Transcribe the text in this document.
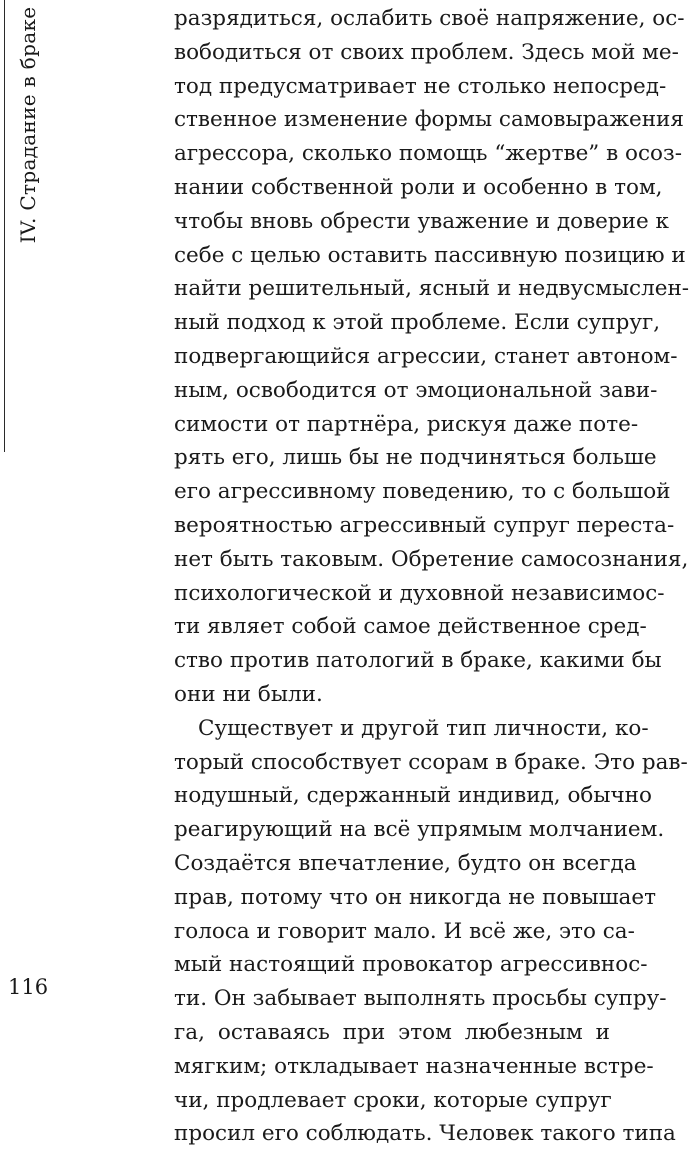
IV. Страдание в браке	разрядиться, ослабить своё напряжение, ос-
вободиться от своих проблем. Здесь мой ме-
тод предусматривает не столько непосред-
ственное изменение формы самовыражения
агрессора, сколько помощь “жертве” в осоз-
нании собственной роли и особенно в том,
чтобы вновь обрести уважение и доверие к
себе с целью оставить пассивную позицию и
найти решительный, ясный и недвусмыслен-
ный подход к этой проблеме. Если супруг,
подвергающийся агрессии, станет автоном-
ным, освободится от эмоциональной зави-
симости от партнёра, рискуя даже поте-
рять его, лишь бы не подчиняться больше
его агрессивному поведению, то с большой
вероятностью агрессивный супруг переста-
нет быть таковым. Обретение самосознания,
психологической и духовной независимос-
ти являет собой самое действенное сред-
ство против патологий в браке, какими бы
они ни были.
Существует и другой тип личности, ко-
торый способствует ссорам в браке. Это рав-
нодушный, сдержанный индивид, обычно
реагирующий на всё упрямым молчанием.
Создаётся впечатление, будто он всегда
прав, потому что он никогда не повышает
голоса и говорит мало. И всё же, это са-
мый настоящий провокатор агрессивнос-
ти. Он забывает выполнять просьбы супру-
га, оставаясь при этом любезным и
мягким; откладывает назначенные встре-
чи, продлевает сроки, которые супруг
просил его соблюдать. Человек такого типа
116
